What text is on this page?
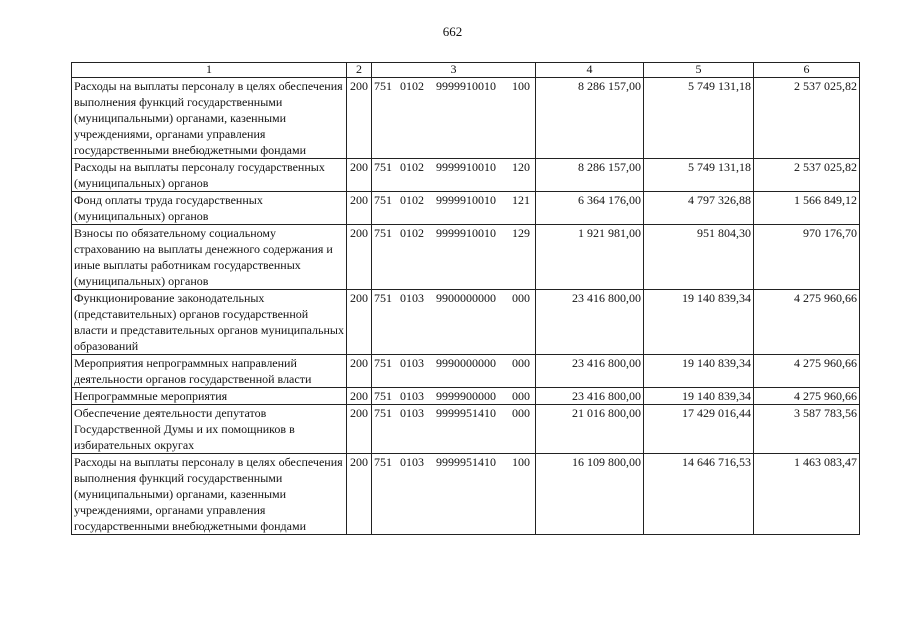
662
1	2	3	4	5	6
Расходы на выплаты персоналу в целях обеспечения выполнения функций государственными (муниципальными) органами, казенными учреждениями, органами управления государственными внебюджетными фондами	200	751 0102 9999910010 100	8 286 157,00	5 749 131,18	2 537 025,82
Расходы на выплаты персоналу государственных (муниципальных) органов	200	751 0102 9999910010 120	8 286 157,00	5 749 131,18	2 537 025,82
Фонд оплаты труда государственных (муниципальных) органов	200	751 0102 9999910010 121	6 364 176,00	4 797 326,88	1 566 849,12
Взносы по обязательному социальному страхованию на выплаты денежного содержания и иные выплаты работникам государственных (муниципальных) органов	200	751 0102 9999910010 129	1 921 981,00	951 804,30	970 176,70
Функционирование законодательных (представительных) органов государственной власти и представительных органов муниципальных образований	200	751 0103 9900000000 000	23 416 800,00	19 140 839,34	4 275 960,66
Мероприятия непрограммных направлений деятельности органов государственной власти	200	751 0103 9990000000 000	23 416 800,00	19 140 839,34	4 275 960,66
Непрограммные мероприятия	200	751 0103 9999900000 000	23 416 800,00	19 140 839,34	4 275 960,66
Обеспечение деятельности депутатов Государственной Думы и их помощников в избирательных округах	200	751 0103 9999951410 000	21 016 800,00	17 429 016,44	3 587 783,56
Расходы на выплаты персоналу в целях обеспечения выполнения функций государственными (муниципальными) органами, казенными учреждениями, органами управления государственными внебюджетными фондами	200	751 0103 9999951410 100	16 109 800,00	14 646 716,53	1 463 083,47
